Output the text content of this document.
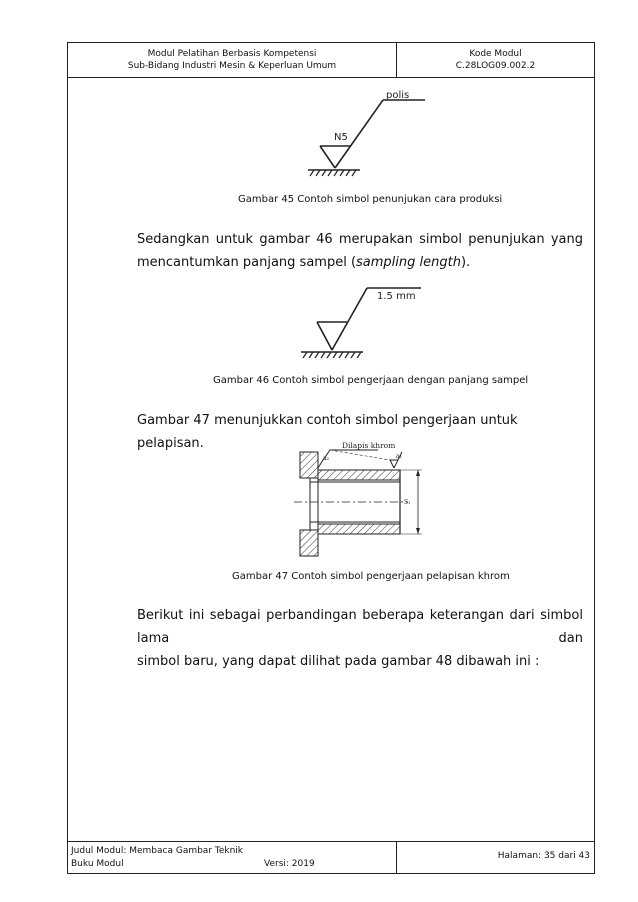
Modul Pelatihan Berbasis Kompetensi
Sub-Bidang Industri Mesin & Keperluan Umum
Kode Modul
C.28LOG09.002.2
Judul Modul: Membaca Gambar Teknik
Buku Modul	Versi: 2019
Halaman: 35 dari 43
polis
N5
Gambar 45 Contoh simbol penunjukan cara produksi
Sedangkan untuk gambar 46 merupakan simbol penunjukan yang
mencantumkan panjang sampel (sampling length).
1.5 mm
Gambar 46 Contoh simbol pengerjaan dengan panjang sampel
Gambar 47 menunjukkan contoh simbol pengerjaan untuk pelapisan.	Dilapis khrom
a₂	a₁
S₁
Gambar 47 Contoh simbol pengerjaan pelapisan khrom
Berikut ini sebagai perbandingan beberapa keterangan dari simbol lama dan
simbol baru, yang dapat dilihat pada gambar 48 dibawah ini :
